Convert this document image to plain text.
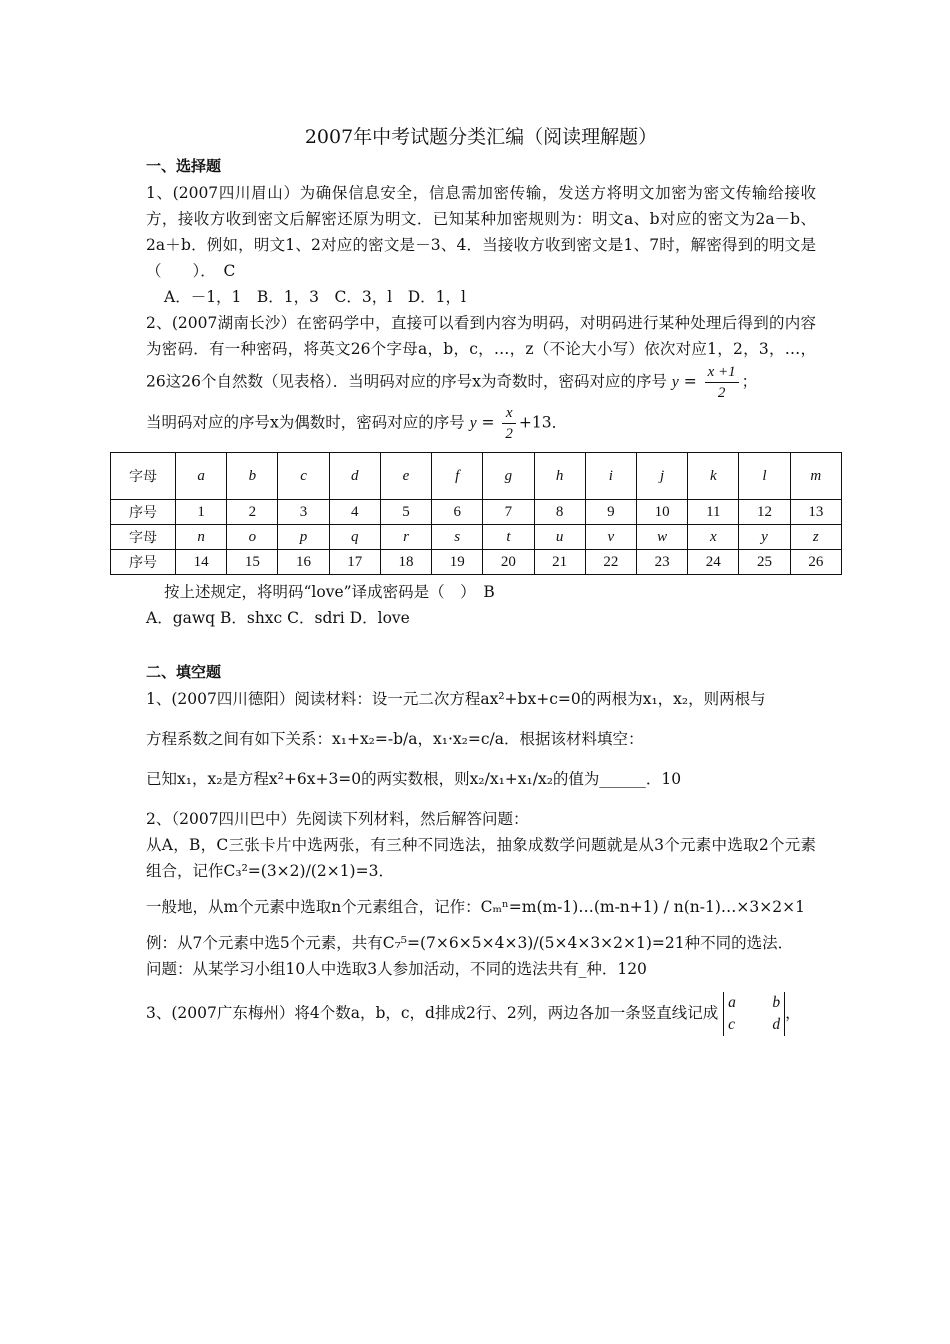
2007年中考试题分类汇编（阅读理解题）
一、选择题

1、(2007四川眉山）为确保信息安全，信息需加密传输，发送方将明文加密为密文传输给接收方，接收方收到密文后解密还原为明文．已知某种加密规则为：明文a、b对应的密文为2a－b、2a＋b．例如，明文1、2对应的密文是－3、4．当接收方收到密文是1、7时，解密得到的明文是（　　）．　C

A．－1，1　B．1，3　C．3，l　D．1，l

2、(2007湖南长沙）在密码学中，直接可以看到内容为明码，对明码进行某种处理后得到的内容为密码．有一种密码，将英文26个字母a，b，c，…，z（不论大小写）依次对应1，2，3，…，26这26个自然数（见表格）．当明码对应的序号x为奇数时，密码对应的序号 $y = \frac{x +1}{2}$ ；

当明码对应的序号x为偶数时，密码对应的序号 $y = \frac{x}{2} +13$．

字母	a	b	c	d	e	f	g	h	i	j	k	l	m
序号	1	2	3	4	5	6	7	8	9	10	11	12	13
字母	n	o	p	q	r	s	t	u	v	w	x	y	z
序号	14	15	16	17	18	19	20	21	22	23	24	25	26

按上述规定，将明码“love”译成密码是（　）　B

A．gawq B．shxc C．sdri D．love

二、填空题

1、(2007四川德阳）阅读材料：设一元二次方程ax²+bx+c=0的两根为x₁，x₂，则两根与

方程系数之间有如下关系：x₁+x₂=-b/a，x₁·x₂=c/a．根据该材料填空：

已知x₁，x₂是方程x²+6x+3=0的两实数根，则x₂/x₁+x₁/x₂的值为______．10

2、（2007四川巴中）先阅读下列材料，然后解答问题：

从A，B，C三张卡片中选两张，有三种不同选法，抽象成数学问题就是从3个元素中选取2个元素组合，记作C₃²=(3×2)/(2×1)=3．

一般地，从m个元素中选取n个元素组合，记作：Cₘⁿ=m(m-1)…(m-n+1) / n(n-1)…×3×2×1

例：从7个元素中选5个元素，共有C₇⁵=(7×6×5×4×3)/(5×4×3×2×1)=21种不同的选法．

问题：从某学习小组10人中选取3人参加活动，不同的选法共有_种．120

3、(2007广东梅州）将4个数a，b，c，d排成2行、2列，两边各加一条竖直线记成 a b
c d，
